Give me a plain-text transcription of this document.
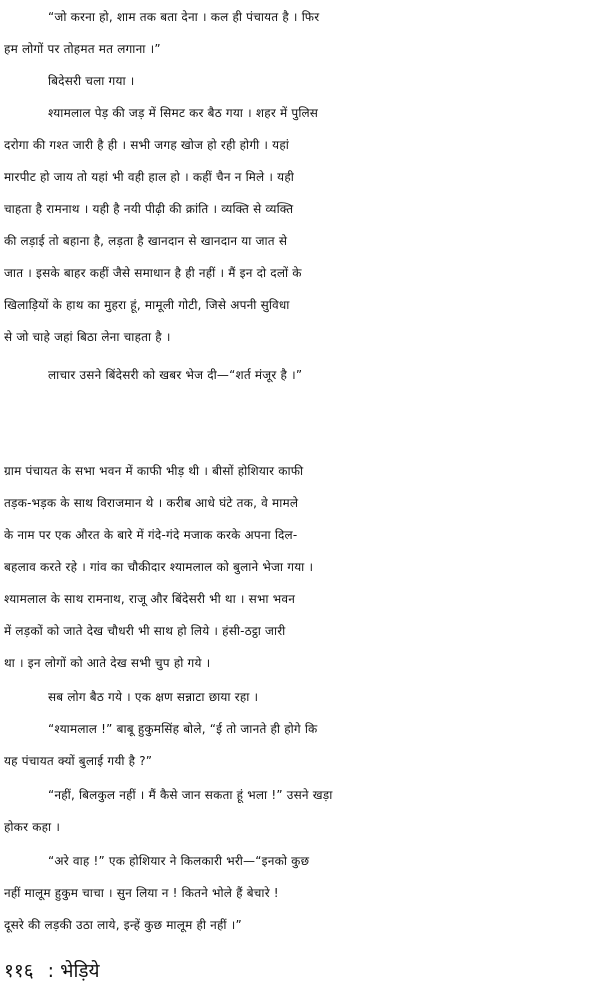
“जो करना हो, शाम तक बता देना । कल ही पंचायत है । फिर

हम लोगों पर तोहमत मत लगाना ।”

बिदेसरी चला गया ।

श्यामलाल पेड़ की जड़ में सिमट कर बैठ गया । शहर में पुलिस

दरोगा की गश्त जारी है ही । सभी जगह खोज हो रही होगी । यहां

मारपीट हो जाय तो यहां भी वही हाल हो । कहीं चैन न मिले । यही

चाहता है रामनाथ । यही है नयी पीढ़ी की क्रांति । व्यक्ति से व्यक्ति

की लड़ाई तो बहाना है, लड़ता है खानदान से खानदान या जात से

जात । इसके बाहर कहीं जैसे समाधान है ही नहीं । मैं इन दो दलों के

खिलाड़ियों के हाथ का मुहरा हूं, मामूली गोटी, जिसे अपनी सुविधा

से जो चाहे जहां बिठा लेना चाहता है ।

लाचार उसने बिंदेसरी को खबर भेज दी—“शर्त मंजूर है ।”

ग्राम पंचायत के सभा भवन में काफी भीड़ थी । बीसों होशियार काफी

तड़क-भड़क के साथ विराजमान थे । करीब आधे घंटे तक, वे मामले

के नाम पर एक औरत के बारे में गंदे-गंदे मजाक करके अपना दिल-

बहलाव करते रहे । गांव का चौकीदार श्यामलाल को बुलाने भेजा गया ।

श्यामलाल के साथ रामनाथ, राजू और बिंदेसरी भी था । सभा भवन

में लड़कों को जाते देख चौधरी भी साथ हो लिये । हंसी-ठट्ठा जारी

था । इन लोगों को आते देख सभी चुप हो गये ।

सब लोग बैठ गये । एक क्षण सन्नाटा छाया रहा ।

“श्यामलाल !” बाबू हुकुमसिंह बोले, “ई तो जानते ही होगे कि

यह पंचायत क्यों बुलाई गयी है ?”

“नहीं, बिलकुल नहीं । मैं कैसे जान सकता हूं भला !” उसने खड़ा

होकर कहा ।

“अरे वाह !” एक होशियार ने किलकारी भरी—“इनको कुछ

नहीं मालूम हुकुम चाचा । सुन लिया न ! कितने भोले हैं बेचारे !

दूसरे की लड़की उठा लाये, इन्हें कुछ मालूम ही नहीं ।”

११६ : भेड़िये
